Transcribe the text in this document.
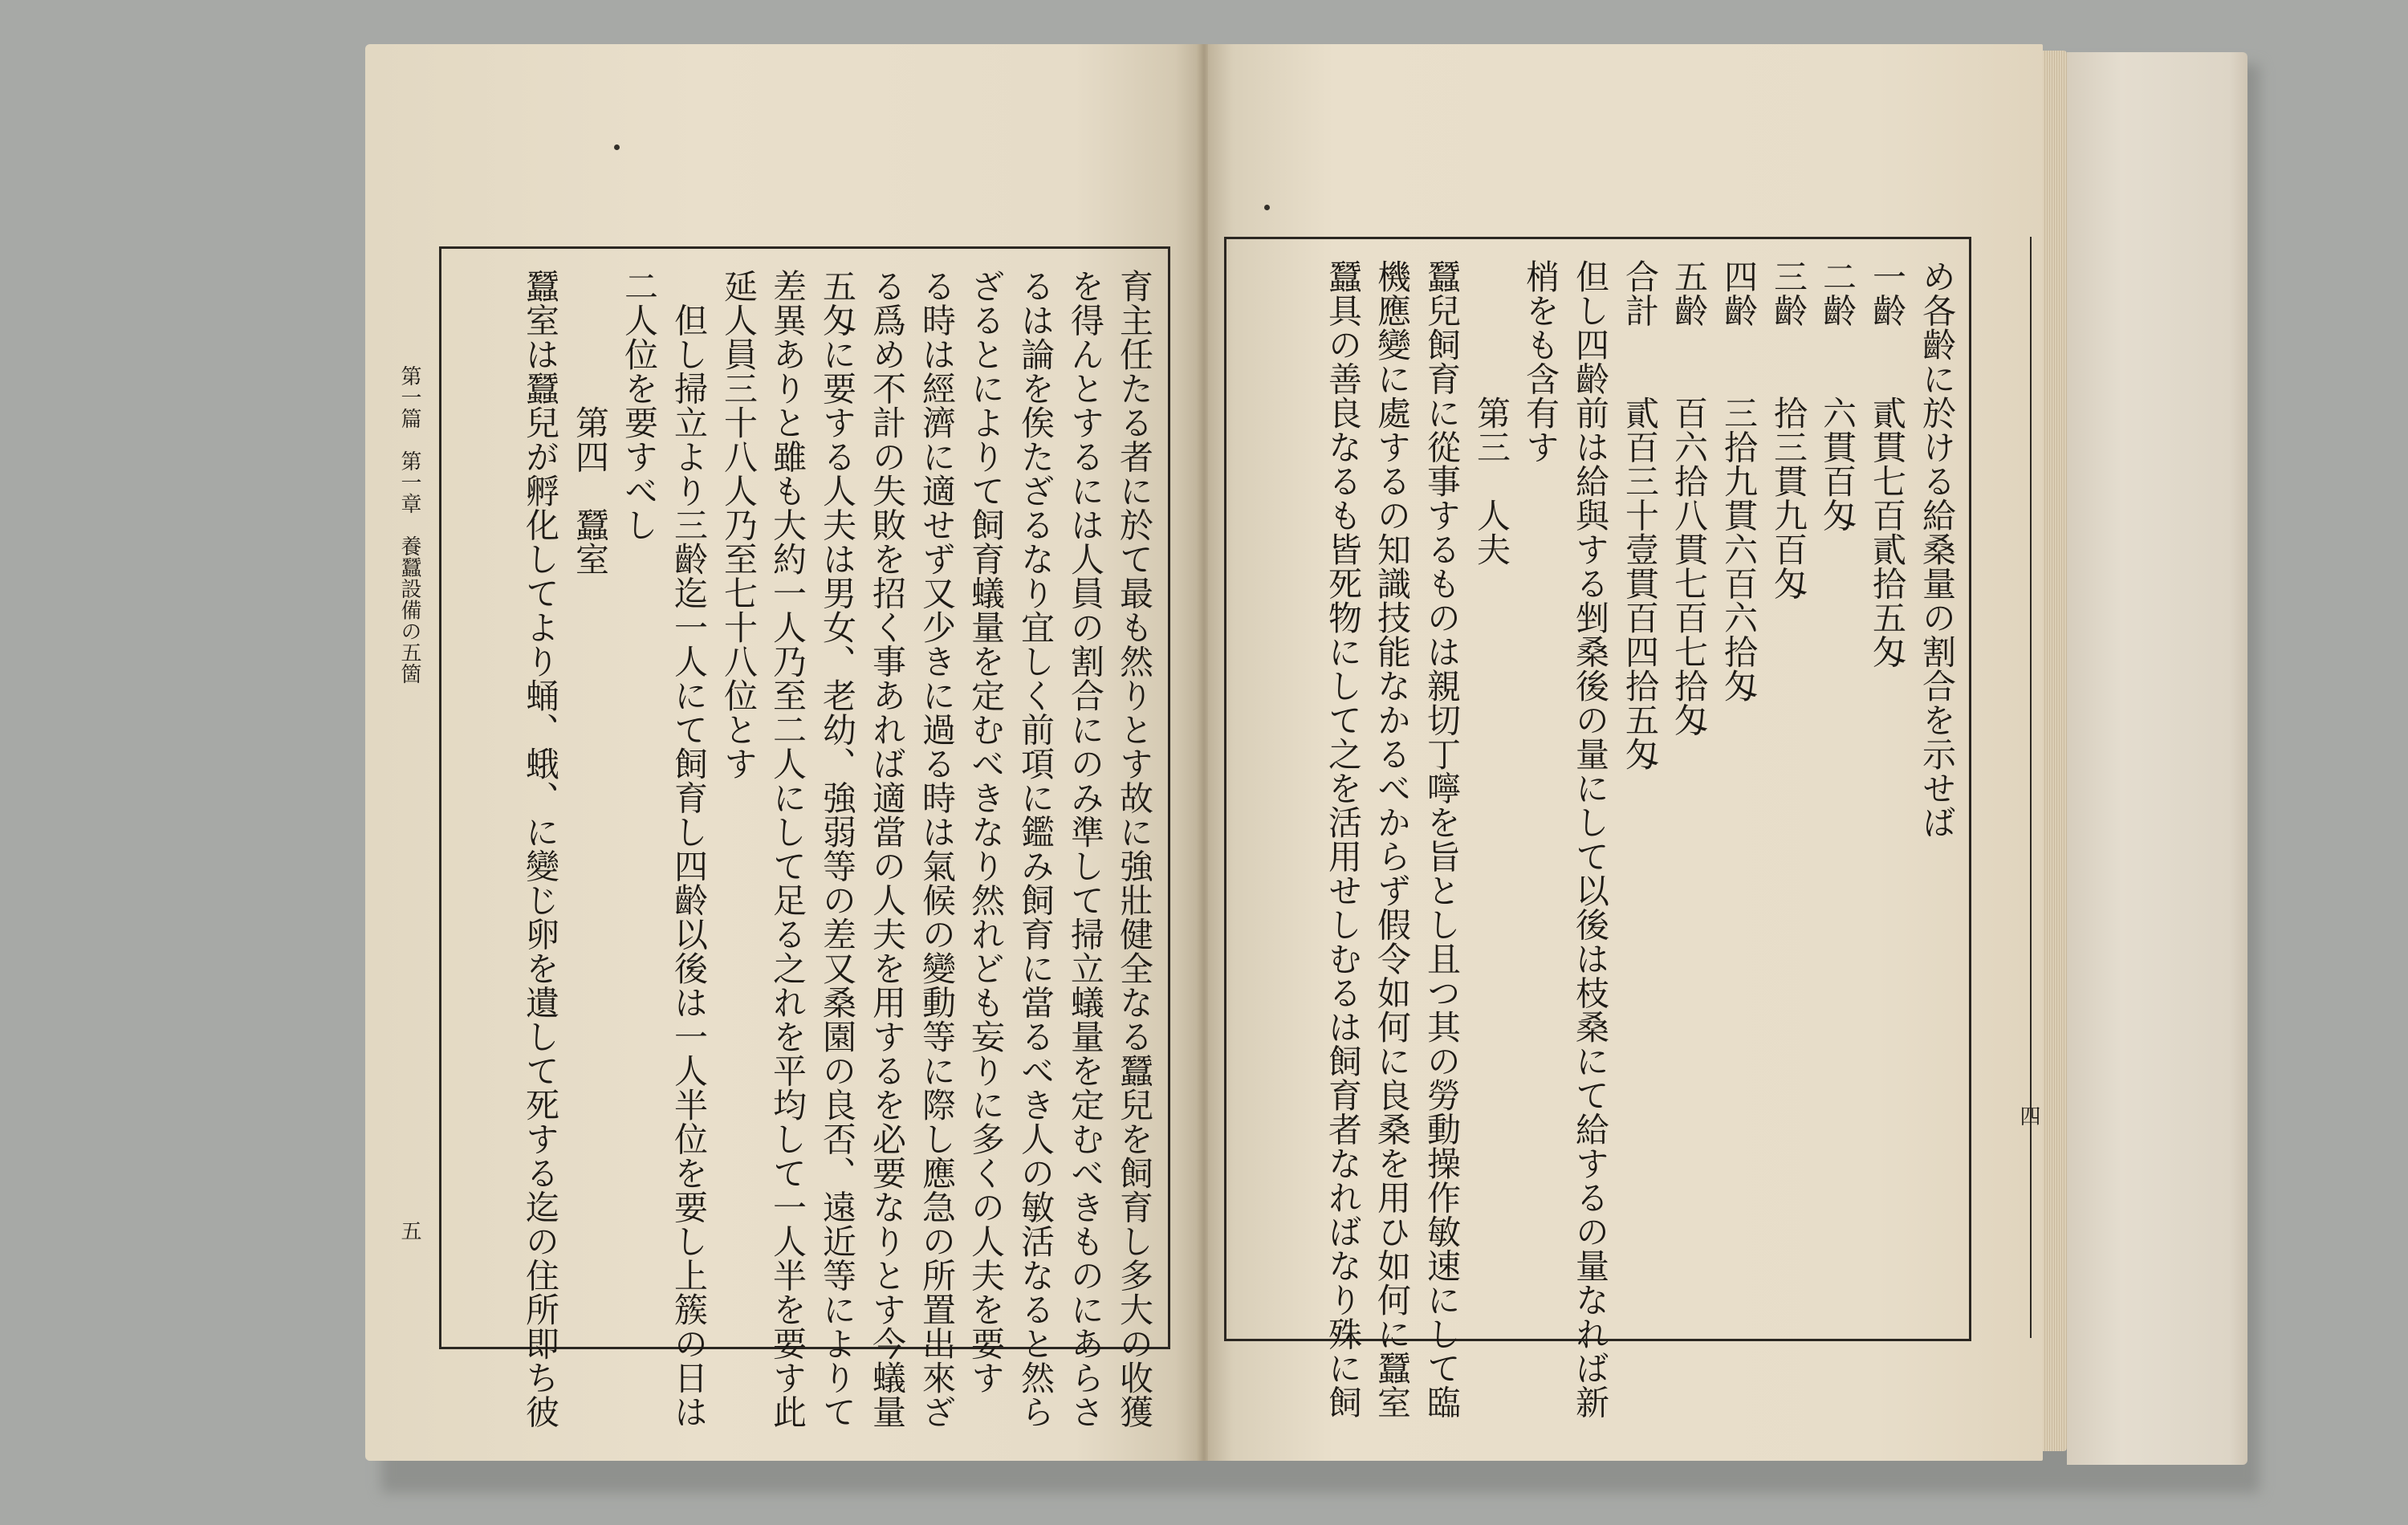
第一篇　第一章　養蠶設備の五箇
五	育主任たる者に於て最も然りとす故に強壯健全なる蠶兒を飼育し多大の收獲
を得んとするには人員の割合にのみ準して掃立蟻量を定むべきものにあらさ
るは論を俟たざるなり宜しく前項に鑑み飼育に當るべき人の敏活なると然ら
ざるとによりて飼育蟻量を定むべきなり然れども妄りに多くの人夫を要す
る時は經濟に適せず又少きに過る時は氣候の變動等に際し應急の所置出來ざ
る爲め不計の失敗を招く事あれば適當の人夫を用するを必要なりとす今蟻量
五匁に要する人夫は男女、老幼、強弱等の差又桑園の良否、遠近等によりて
差異ありと雖も大約一人乃至二人にして足る之れを平均して一人半を要す此
延人員三十八人乃至七十八位とす
　但し掃立より三齡迄一人にて飼育し四齡以後は一人半位を要し上簇の日は
二人位を要すべし
　　　　第四　蠶室
蠶室は蠶兒が孵化してより蛹、蛾、に變じ卵を遺して死する迄の住所即ち彼	四
め各齡に於ける給桑量の割合を示せば
一齡　　貳貫七百貳拾五匁
二齡　　六貫百匁
三齡　　拾三貫九百匁
四齡　　三拾九貫六百六拾匁
五齡　　百六拾八貫七百七拾匁
合計　　貳百三十壹貫百四拾五匁
但し四齡前は給與する剉桑後の量にして以後は枝桑にて給するの量なれば新
梢をも含有す
　　　　第三　人夫
蠶兒飼育に從事するものは親切丁嚀を旨とし且つ其の勞動操作敏速にして臨
機應變に處するの知識技能なかるべからず假令如何に良桑を用ひ如何に蠶室
蠶具の善良なるも皆死物にして之を活用せしむるは飼育者なればなり殊に飼
